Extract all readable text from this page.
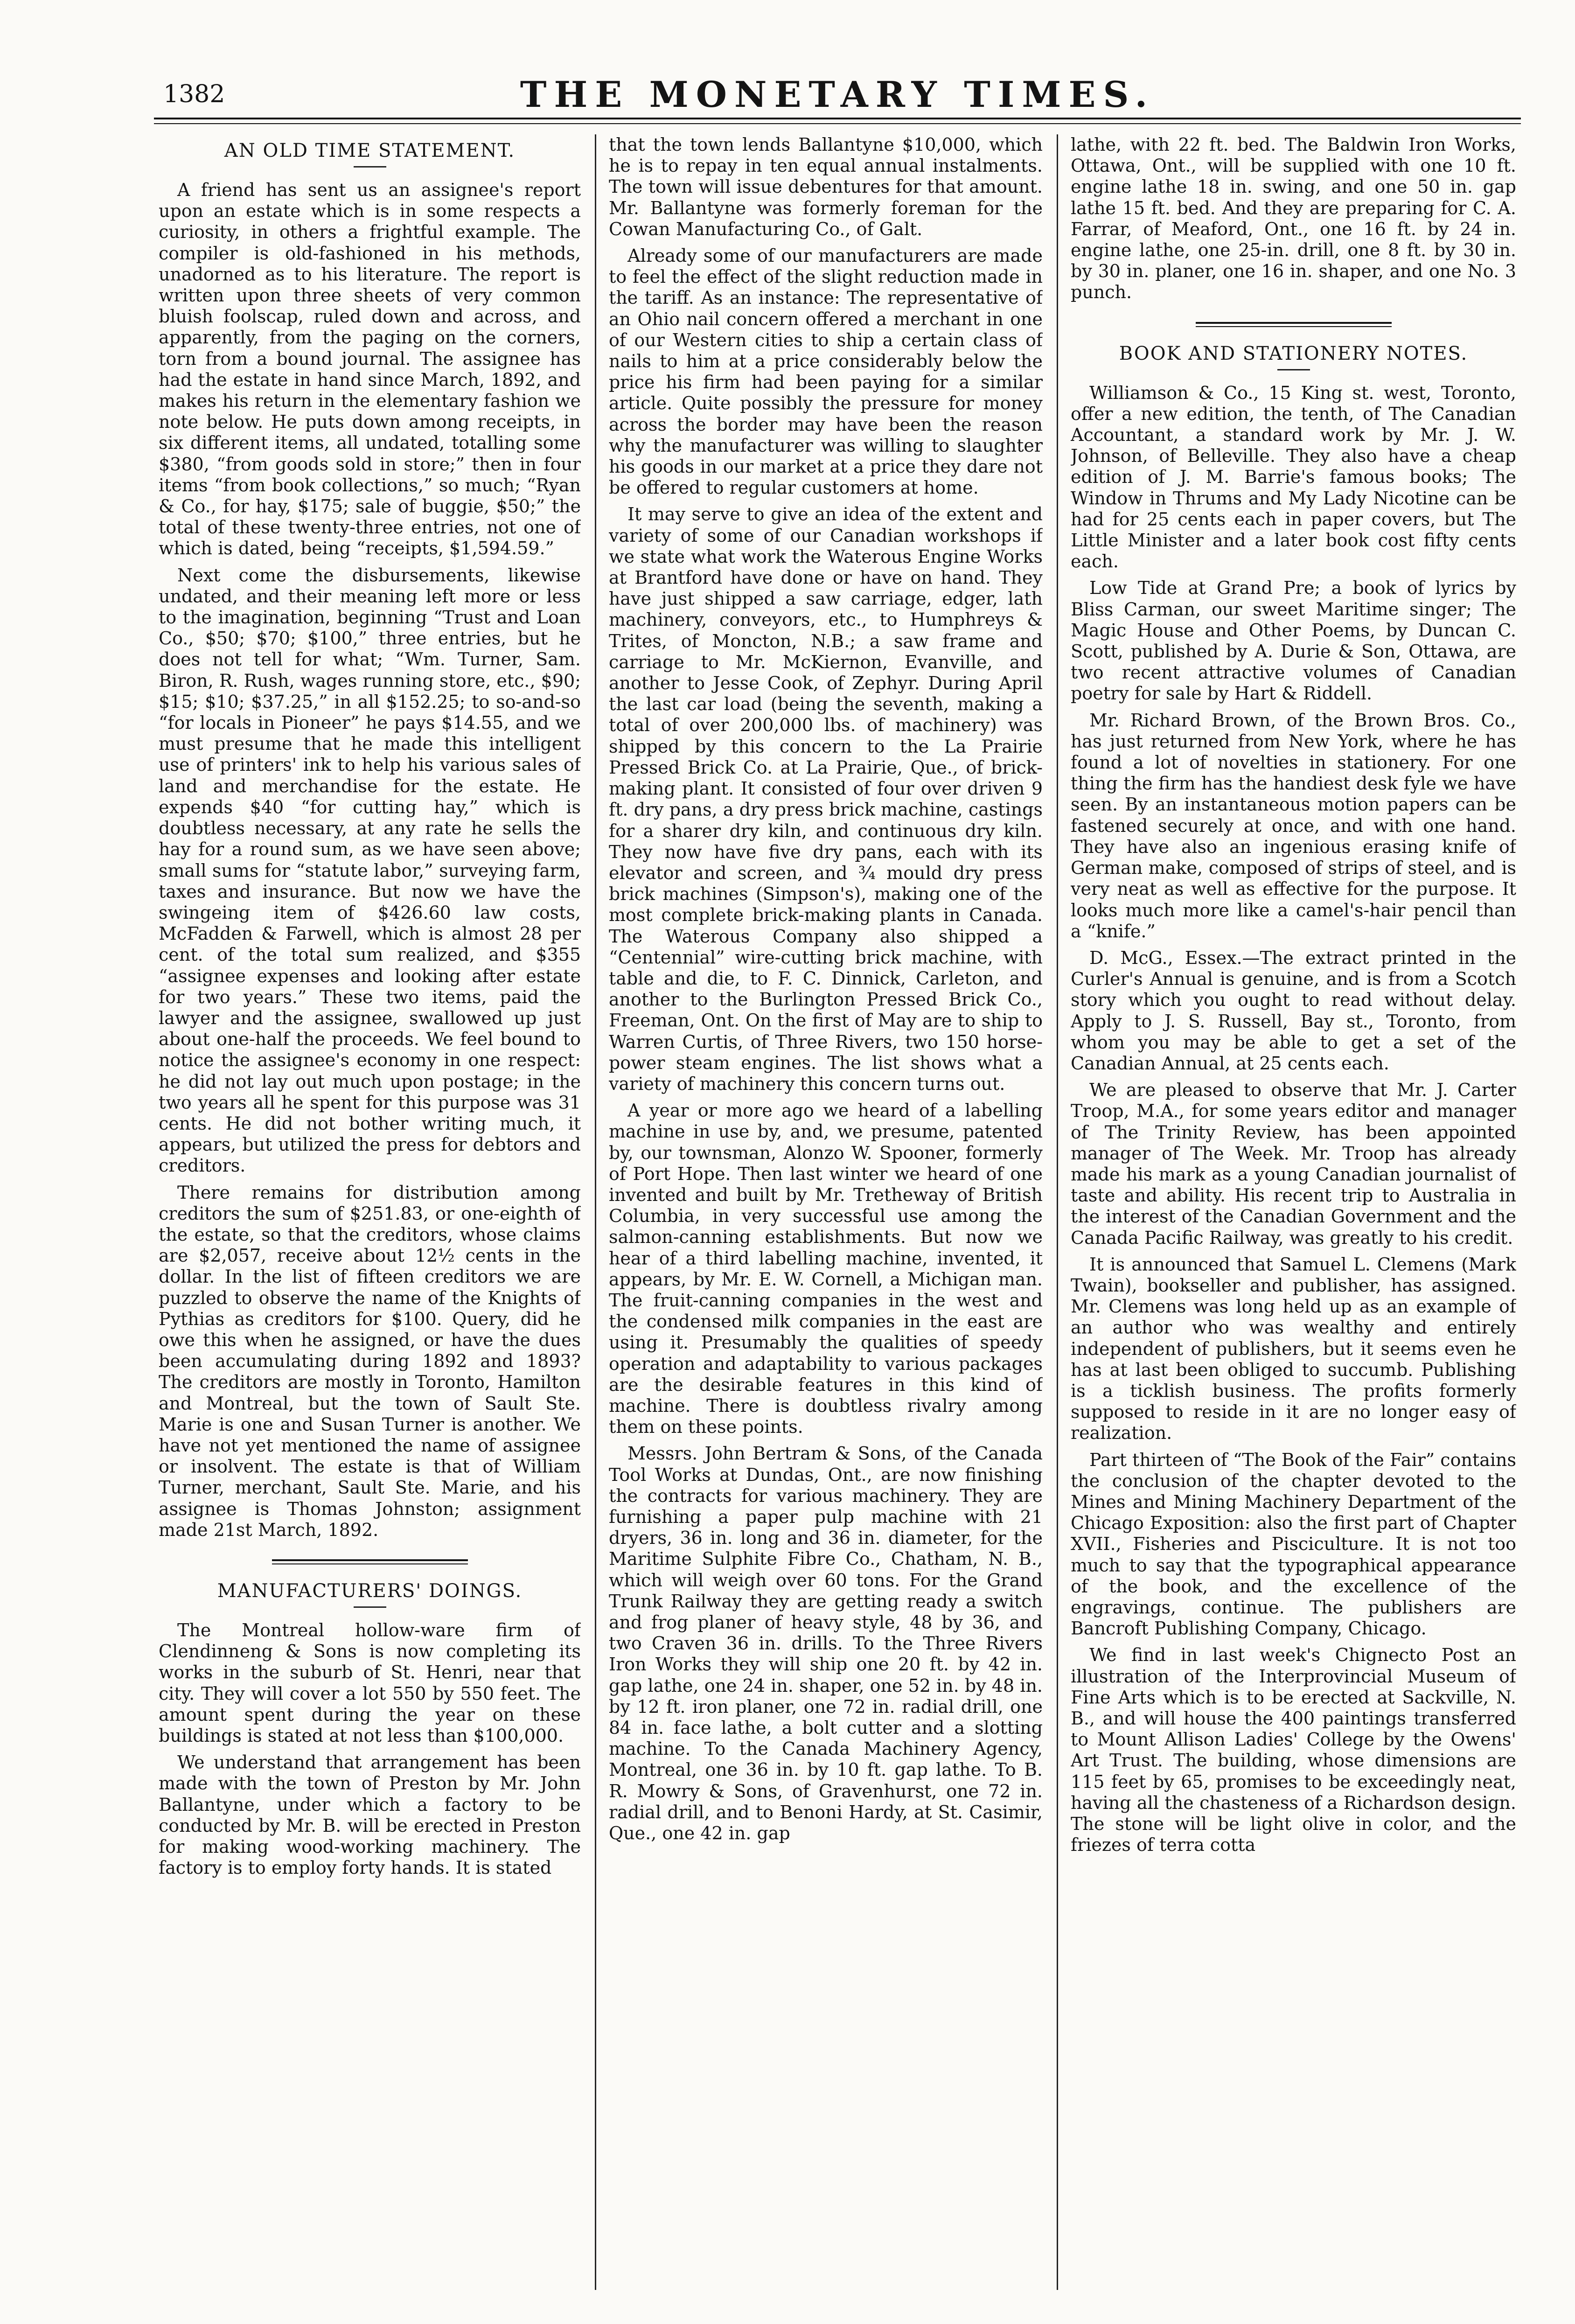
1382	THE MONETARY TIMES.
AN OLD TIME STATEMENT.

A friend has sent us an assignee's report upon an estate which is in some respects a curiosity, in others a frightful example. The compiler is old-fashioned in his methods, unadorned as to his literature. The report is written upon three sheets of very common bluish foolscap, ruled down and across, and apparently, from the paging on the corners, torn from a bound journal. The assignee has had the estate in hand since March, 1892, and makes his return in the elementary fashion we note below. He puts down among receipts, in six different items, all undated, totalling some $380, “from goods sold in store;” then in four items “from book collections,” so much; “Ryan & Co., for hay, $175; sale of buggie, $50;” the total of these twenty-three entries, not one of which is dated, being “receipts, $1,594.59.”

Next come the disbursements, likewise undated, and their meaning left more or less to the imagination, beginning “Trust and Loan Co., $50; $70; $100,” three entries, but he does not tell for what; “Wm. Turner, Sam. Biron, R. Rush, wages running store, etc., $90; $15; $10; $37.25,” in all $152.25; to so-and-so “for locals in Pioneer” he pays $14.55, and we must presume that he made this intelligent use of printers' ink to help his various sales of land and merchandise for the estate. He expends $40 “for cutting hay,” which is doubtless necessary, at any rate he sells the hay for a round sum, as we have seen above; small sums for “statute labor,” surveying farm, taxes and insurance. But now we have the swingeing item of $426.60 law costs, McFadden & Farwell, which is almost 28 per cent. of the total sum realized, and $355 “assignee expenses and looking after estate for two years.” These two items, paid the lawyer and the assignee, swallowed up just about one-half the proceeds. We feel bound to notice the assignee's economy in one respect: he did not lay out much upon postage; in the two years all he spent for this purpose was 31 cents. He did not bother writing much, it appears, but utilized the press for debtors and creditors.

There remains for distribution among creditors the sum of $251.83, or one-eighth of the estate, so that the creditors, whose claims are $2,057, receive about 12½ cents in the dollar. In the list of fifteen creditors we are puzzled to observe the name of the Knights of Pythias as creditors for $100. Query, did he owe this when he assigned, or have the dues been accumulating during 1892 and 1893? The creditors are mostly in Toronto, Hamilton and Montreal, but the town of Sault Ste. Marie is one and Susan Turner is another. We have not yet mentioned the name of assignee or insolvent. The estate is that of William Turner, merchant, Sault Ste. Marie, and his assignee is Thomas Johnston; assignment made 21st March, 1892.

MANUFACTURERS' DOINGS.

The Montreal hollow-ware firm of Clendinneng & Sons is now completing its works in the suburb of St. Henri, near that city. They will cover a lot 550 by 550 feet. The amount spent during the year on these buildings is stated at not less than $100,000.

We understand that arrangement has been made with the town of Preston by Mr. John Ballantyne, under which a factory to be conducted by Mr. B. will be erected in Preston for making wood-working machinery. The factory is to employ forty hands. It is stated

that the town lends Ballantyne $10,000, which he is to repay in ten equal annual instalments. The town will issue debentures for that amount. Mr. Ballantyne was formerly foreman for the Cowan Manufacturing Co., of Galt.

Already some of our manufacturers are made to feel the effect of the slight reduction made in the tariff. As an instance: The representative of an Ohio nail concern offered a merchant in one of our Western cities to ship a certain class of nails to him at a price considerably below the price his firm had been paying for a similar article. Quite possibly the pressure for money across the border may have been the reason why the manufacturer was willing to slaughter his goods in our market at a price they dare not be offered to regular customers at home.

It may serve to give an idea of the extent and variety of some of our Canadian workshops if we state what work the Waterous Engine Works at Brantford have done or have on hand. They have just shipped a saw carriage, edger, lath machinery, conveyors, etc., to Humphreys & Trites, of Moncton, N.B.; a saw frame and carriage to Mr. McKiernon, Evanville, and another to Jesse Cook, of Zephyr. During April the last car load (being the seventh, making a total of over 200,000 lbs. of machinery) was shipped by this concern to the La Prairie Pressed Brick Co. at La Prairie, Que., of brick-making plant. It consisted of four over driven 9 ft. dry pans, a dry press brick machine, castings for a sharer dry kiln, and continuous dry kiln. They now have five dry pans, each with its elevator and screen, and ¾ mould dry press brick machines (Simpson's), making one of the most complete brick-making plants in Canada. The Waterous Company also shipped a “Centennial” wire-cutting brick machine, with table and die, to F. C. Dinnick, Carleton, and another to the Burlington Pressed Brick Co., Freeman, Ont. On the first of May are to ship to Warren Curtis, of Three Rivers, two 150 horse-power steam engines. The list shows what a variety of machinery this concern turns out.

A year or more ago we heard of a labelling machine in use by, and, we presume, patented by, our townsman, Alonzo W. Spooner, formerly of Port Hope. Then last winter we heard of one invented and built by Mr. Tretheway of British Columbia, in very successful use among the salmon-canning establishments. But now we hear of a third labelling machine, invented, it appears, by Mr. E. W. Cornell, a Michigan man. The fruit-canning companies in the west and the condensed milk companies in the east are using it. Presumably the qualities of speedy operation and adaptability to various packages are the desirable features in this kind of machine. There is doubtless rivalry among them on these points.

Messrs. John Bertram & Sons, of the Canada Tool Works at Dundas, Ont., are now finishing the contracts for various machinery. They are furnishing a paper pulp machine with 21 dryers, 36 in. long and 36 in. diameter, for the Maritime Sulphite Fibre Co., Chatham, N. B., which will weigh over 60 tons. For the Grand Trunk Railway they are getting ready a switch and frog planer of heavy style, 48 by 36, and two Craven 36 in. drills. To the Three Rivers Iron Works they will ship one 20 ft. by 42 in. gap lathe, one 24 in. shaper, one 52 in. by 48 in. by 12 ft. iron planer, one 72 in. radial drill, one 84 in. face lathe, a bolt cutter and a slotting machine. To the Canada Machinery Agency, Montreal, one 36 in. by 10 ft. gap lathe. To B. R. Mowry & Sons, of Gravenhurst, one 72 in. radial drill, and to Benoni Hardy, at St. Casimir, Que., one 42 in. gap

lathe, with 22 ft. bed. The Baldwin Iron Works, Ottawa, Ont., will be supplied with one 10 ft. engine lathe 18 in. swing, and one 50 in. gap lathe 15 ft. bed. And they are preparing for C. A. Farrar, of Meaford, Ont., one 16 ft. by 24 in. engine lathe, one 25-in. drill, one 8 ft. by 30 in. by 30 in. planer, one 16 in. shaper, and one No. 3 punch.

BOOK AND STATIONERY NOTES.

Williamson & Co., 15 King st. west, Toronto, offer a new edition, the tenth, of The Canadian Accountant, a standard work by Mr. J. W. Johnson, of Belleville. They also have a cheap edition of J. M. Barrie's famous books; The Window in Thrums and My Lady Nicotine can be had for 25 cents each in paper covers, but The Little Minister and a later book cost fifty cents each.

Low Tide at Grand Pre; a book of lyrics by Bliss Carman, our sweet Maritime singer; The Magic House and Other Poems, by Duncan C. Scott, published by A. Durie & Son, Ottawa, are two recent attractive volumes of Canadian poetry for sale by Hart & Riddell.

Mr. Richard Brown, of the Brown Bros. Co., has just returned from New York, where he has found a lot of novelties in stationery. For one thing the firm has the handiest desk fyle we have seen. By an instantaneous motion papers can be fastened securely at once, and with one hand. They have also an ingenious erasing knife of German make, composed of strips of steel, and is very neat as well as effective for the purpose. It looks much more like a camel's-hair pencil than a “knife.”

D. McG., Essex.—The extract printed in the Curler's Annual is genuine, and is from a Scotch story which you ought to read without delay. Apply to J. S. Russell, Bay st., Toronto, from whom you may be able to get a set of the Canadian Annual, at 25 cents each.

We are pleased to observe that Mr. J. Carter Troop, M.A., for some years editor and manager of The Trinity Review, has been appointed manager of The Week. Mr. Troop has already made his mark as a young Canadian journalist of taste and ability. His recent trip to Australia in the interest of the Canadian Government and the Canada Pacific Railway, was greatly to his credit.

It is announced that Samuel L. Clemens (Mark Twain), bookseller and publisher, has assigned. Mr. Clemens was long held up as an example of an author who was wealthy and entirely independent of publishers, but it seems even he has at last been obliged to succumb. Publishing is a ticklish business. The profits formerly supposed to reside in it are no longer easy of realization.

Part thirteen of “The Book of the Fair” contains the conclusion of the chapter devoted to the Mines and Mining Machinery Department of the Chicago Exposition: also the first part of Chapter XVII., Fisheries and Pisciculture. It is not too much to say that the typographical appearance of the book, and the excellence of the engravings, continue. The publishers are Bancroft Publishing Company, Chicago.

We find in last week's Chignecto Post an illustration of the Interprovincial Museum of Fine Arts which is to be erected at Sackville, N. B., and will house the 400 paintings transferred to Mount Allison Ladies' College by the Owens' Art Trust. The building, whose dimensions are 115 feet by 65, promises to be exceedingly neat, having all the chasteness of a Richardson design. The stone will be light olive in color, and the friezes of terra cotta
